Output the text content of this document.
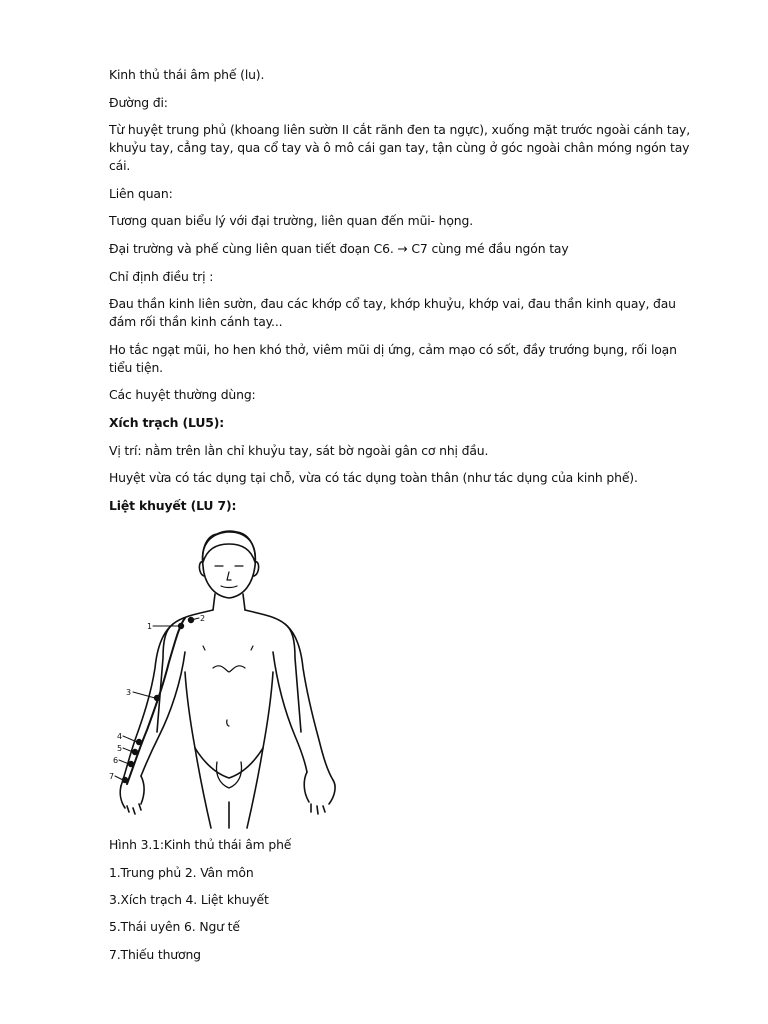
Kinh thủ thái âm phế (lu).

Đường đi:

Từ huyệt trung phủ (khoang liên sườn II cắt rãnh đen ta ngực), xuống mặt trước ngoài cánh tay, khuỷu tay, cẳng tay, qua cổ tay và ô mô cái gan tay, tận cùng ở góc ngoài chân móng ngón tay cái.

Liên quan:

Tương quan biểu lý với đại trường, liên quan đến mũi- họng.

Đại trường và phế cùng liên quan tiết đoạn C6. → C7 cùng mé đầu ngón tay

Chỉ định điều trị :

Đau thần kinh liên sườn, đau các khớp cổ tay, khớp khuỷu, khớp vai, đau thần kinh quay, đau đám rối thần kinh cánh tay...

Ho tắc ngạt mũi, ho hen khó thở, viêm mũi dị ứng, cảm mạo có sốt, đầy trướng bụng, rối loạn tiểu tiện.

Các huyệt thường dùng:

Xích trạch (LU5):

Vị trí: nằm trên lằn chỉ khuỷu tay, sát bờ ngoài gân cơ nhị đầu.

Huyệt vừa có tác dụng tại chỗ, vừa có tác dụng toàn thân (như tác dụng của kinh phế).

Liệt khuyết (LU 7):

1
2
3
4
5
6
7

Hình 3.1:Kinh thủ thái âm phế

1.Trung phủ 2. Vân môn

3.Xích trạch 4. Liệt khuyết

5.Thái uyên 6. Ngư tế

7.Thiếu thương
